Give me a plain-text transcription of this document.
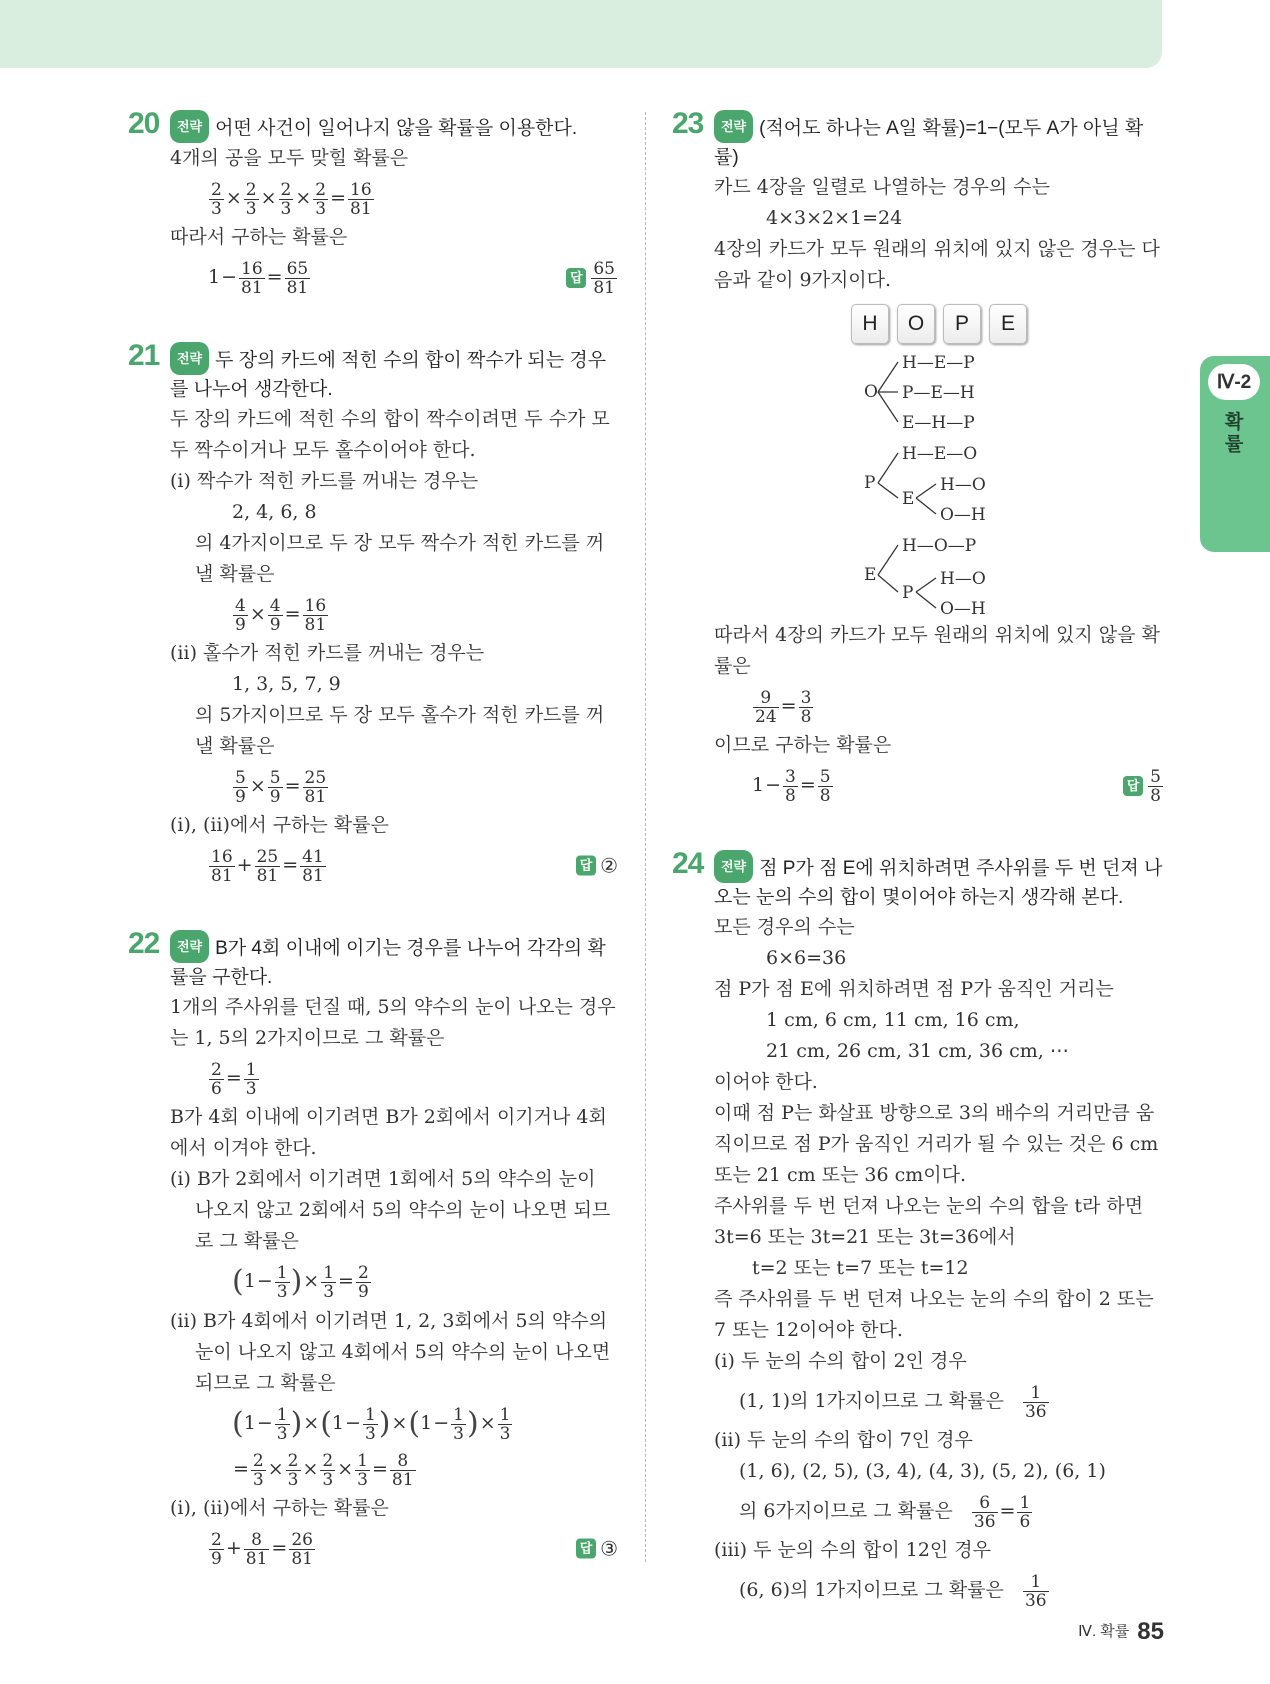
Ⅳ-2
확
률
20	전략 어떤 사건이 일어나지 않을 확률을 이용한다.
4개의 공을 모두 맞힐 확률은
$\frac{2}{3} \times \frac{2}{3} \times \frac{2}{3} \times \frac{2}{3} = \frac{16}{81}$
따라서 구하는 확률은
$1- \frac{16}{81} = \frac{65}{81}$	답 $\frac{65}{81}$
21	전략 두 장의 카드에 적힌 수의 합이 짝수가 되는 경우를 나누어 생각한다.
두 장의 카드에 적힌 수의 합이 짝수이려면 두 수가 모두 짝수이거나 모두 홀수이어야 한다.
(ⅰ) 짝수가 적힌 카드를 꺼내는 경우는
2, 4, 6, 8
의 4가지이므로 두 장 모두 짝수가 적힌 카드를 꺼낼 확률은
$\frac{4}{9} \times \frac{4}{9} = \frac{16}{81}$
(ⅱ) 홀수가 적힌 카드를 꺼내는 경우는
1, 3, 5, 7, 9
의 5가지이므로 두 장 모두 홀수가 적힌 카드를 꺼낼 확률은
$\frac{5}{9} \times \frac{5}{9} = \frac{25}{81}$
(ⅰ), (ⅱ)에서 구하는 확률은
$\frac{16}{81} + \frac{25}{81} = \frac{41}{81}$	답 ②
22	전략 B가 4회 이내에 이기는 경우를 나누어 각각의 확률을 구한다.
1개의 주사위를 던질 때, 5의 약수의 눈이 나오는 경우는 1, 5의 2가지이므로 그 확률은
$\frac{2}{6} = \frac{1}{3}$
B가 4회 이내에 이기려면 B가 2회에서 이기거나 4회에서 이겨야 한다.
(ⅰ) B가 2회에서 이기려면 1회에서 5의 약수의 눈이 나오지 않고 2회에서 5의 약수의 눈이 나오면 되므로 그 확률은
($1- \frac{1}{3}$ )× $\frac{1}{3} = \frac{2}{9}$
(ⅱ) B가 4회에서 이기려면 1, 2, 3회에서 5의 약수의 눈이 나오지 않고 4회에서 5의 약수의 눈이 나오면 되므로 그 확률은
$(1- \frac{1}{3} )\times(1- \frac{1}{3} )\times(1- \frac{1}{3}$ )× $\frac{1}{3}$
= $\frac{2}{3} \times \frac{2}{3} \times \frac{2}{3} \times \frac{1}{3} = \frac{8}{81}$
(ⅰ), (ⅱ)에서 구하는 확률은
$\frac{2}{9} + \frac{8}{81} = \frac{26}{81}$	답 ③
23	전략 (적어도 하나는 A일 확률)=1−(모두 A가 아닐 확률)
카드 4장을 일렬로 나열하는 경우의 수는
4×3×2×1=24
4장의 카드가 모두 원래의 위치에 있지 않은 경우는 다음과 같이 9가지이다.
H	O	P	E
O
H—E—P
P—E—H
E—H—P
P
H—E—O
E
H—O
O—H
E
H—O—P
P
H—O
O—H
따라서 4장의 카드가 모두 원래의 위치에 있지 않을 확률은
$\frac{9}{24} = \frac{3}{8}$
이므로 구하는 확률은
$1- \frac{3}{8} = \frac{5}{8}$	답 $\frac{5}{8}$
24	전략 점 P가 점 E에 위치하려면 주사위를 두 번 던져 나오는 눈의 수의 합이 몇이어야 하는지 생각해 본다.
모든 경우의 수는
6×6=36
점 P가 점 E에 위치하려면 점 P가 움직인 거리는
1 cm, 6 cm, 11 cm, 16 cm,
21 cm, 26 cm, 31 cm, 36 cm, ⋯
이어야 한다.
이때 점 P는 화살표 방향으로 3의 배수의 거리만큼 움직이므로 점 P가 움직인 거리가 될 수 있는 것은 6 cm 또는 21 cm 또는 36 cm이다.
주사위를 두 번 던져 나오는 눈의 수의 합을 t라 하면
3t=6 또는 3t=21 또는 3t=36에서
t=2 또는 t=7 또는 t=12
즉 주사위를 두 번 던져 나오는 눈의 수의 합이 2 또는 7 또는 12이어야 한다.
(ⅰ) 두 눈의 수의 합이 2인 경우
(1, 1)의 1가지이므로 그 확률은 $\frac{1}{36}$
(ⅱ) 두 눈의 수의 합이 7인 경우
(1, 6), (2, 5), (3, 4), (4, 3), (5, 2), (6, 1)
의 6가지이므로 그 확률은 $\frac{6}{36} = \frac{1}{6}$
(ⅲ) 두 눈의 수의 합이 12인 경우
(6, 6)의 1가지이므로 그 확률은 $\frac{1}{36}$
Ⅳ. 확률 85
